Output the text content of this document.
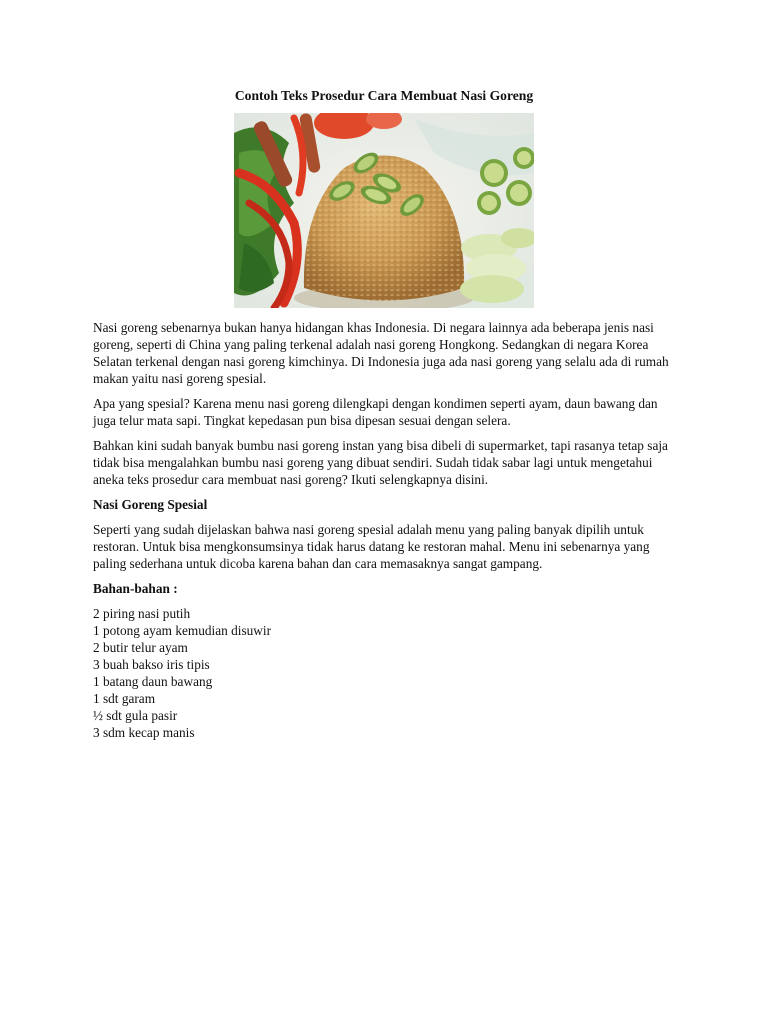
Contoh Teks Prosedur Cara Membuat Nasi Goreng

Nasi goreng sebenarnya bukan hanya hidangan khas Indonesia. Di negara lainnya ada beberapa jenis nasi goreng, seperti di China yang paling terkenal adalah nasi goreng Hongkong. Sedangkan di negara Korea Selatan terkenal dengan nasi goreng kimchinya. Di Indonesia juga ada nasi goreng yang selalu ada di rumah makan yaitu nasi goreng spesial.

Apa yang spesial? Karena menu nasi goreng dilengkapi dengan kondimen seperti ayam, daun bawang dan juga telur mata sapi. Tingkat kepedasan pun bisa dipesan sesuai dengan selera.

Bahkan kini sudah banyak bumbu nasi goreng instan yang bisa dibeli di supermarket, tapi rasanya tetap saja tidak bisa mengalahkan bumbu nasi goreng yang dibuat sendiri. Sudah tidak sabar lagi untuk mengetahui aneka teks prosedur cara membuat nasi goreng? Ikuti selengkapnya disini.

Nasi Goreng Spesial

Seperti yang sudah dijelaskan bahwa nasi goreng spesial adalah menu yang paling banyak dipilih untuk restoran. Untuk bisa mengkonsumsinya tidak harus datang ke restoran mahal. Menu ini sebenarnya yang paling sederhana untuk dicoba karena bahan dan cara memasaknya sangat gampang.

Bahan-bahan :
2 piring nasi putih
1 potong ayam kemudian disuwir
2 butir telur ayam
3 buah bakso iris tipis
1 batang daun bawang
1 sdt garam
½ sdt gula pasir
3 sdm kecap manis
